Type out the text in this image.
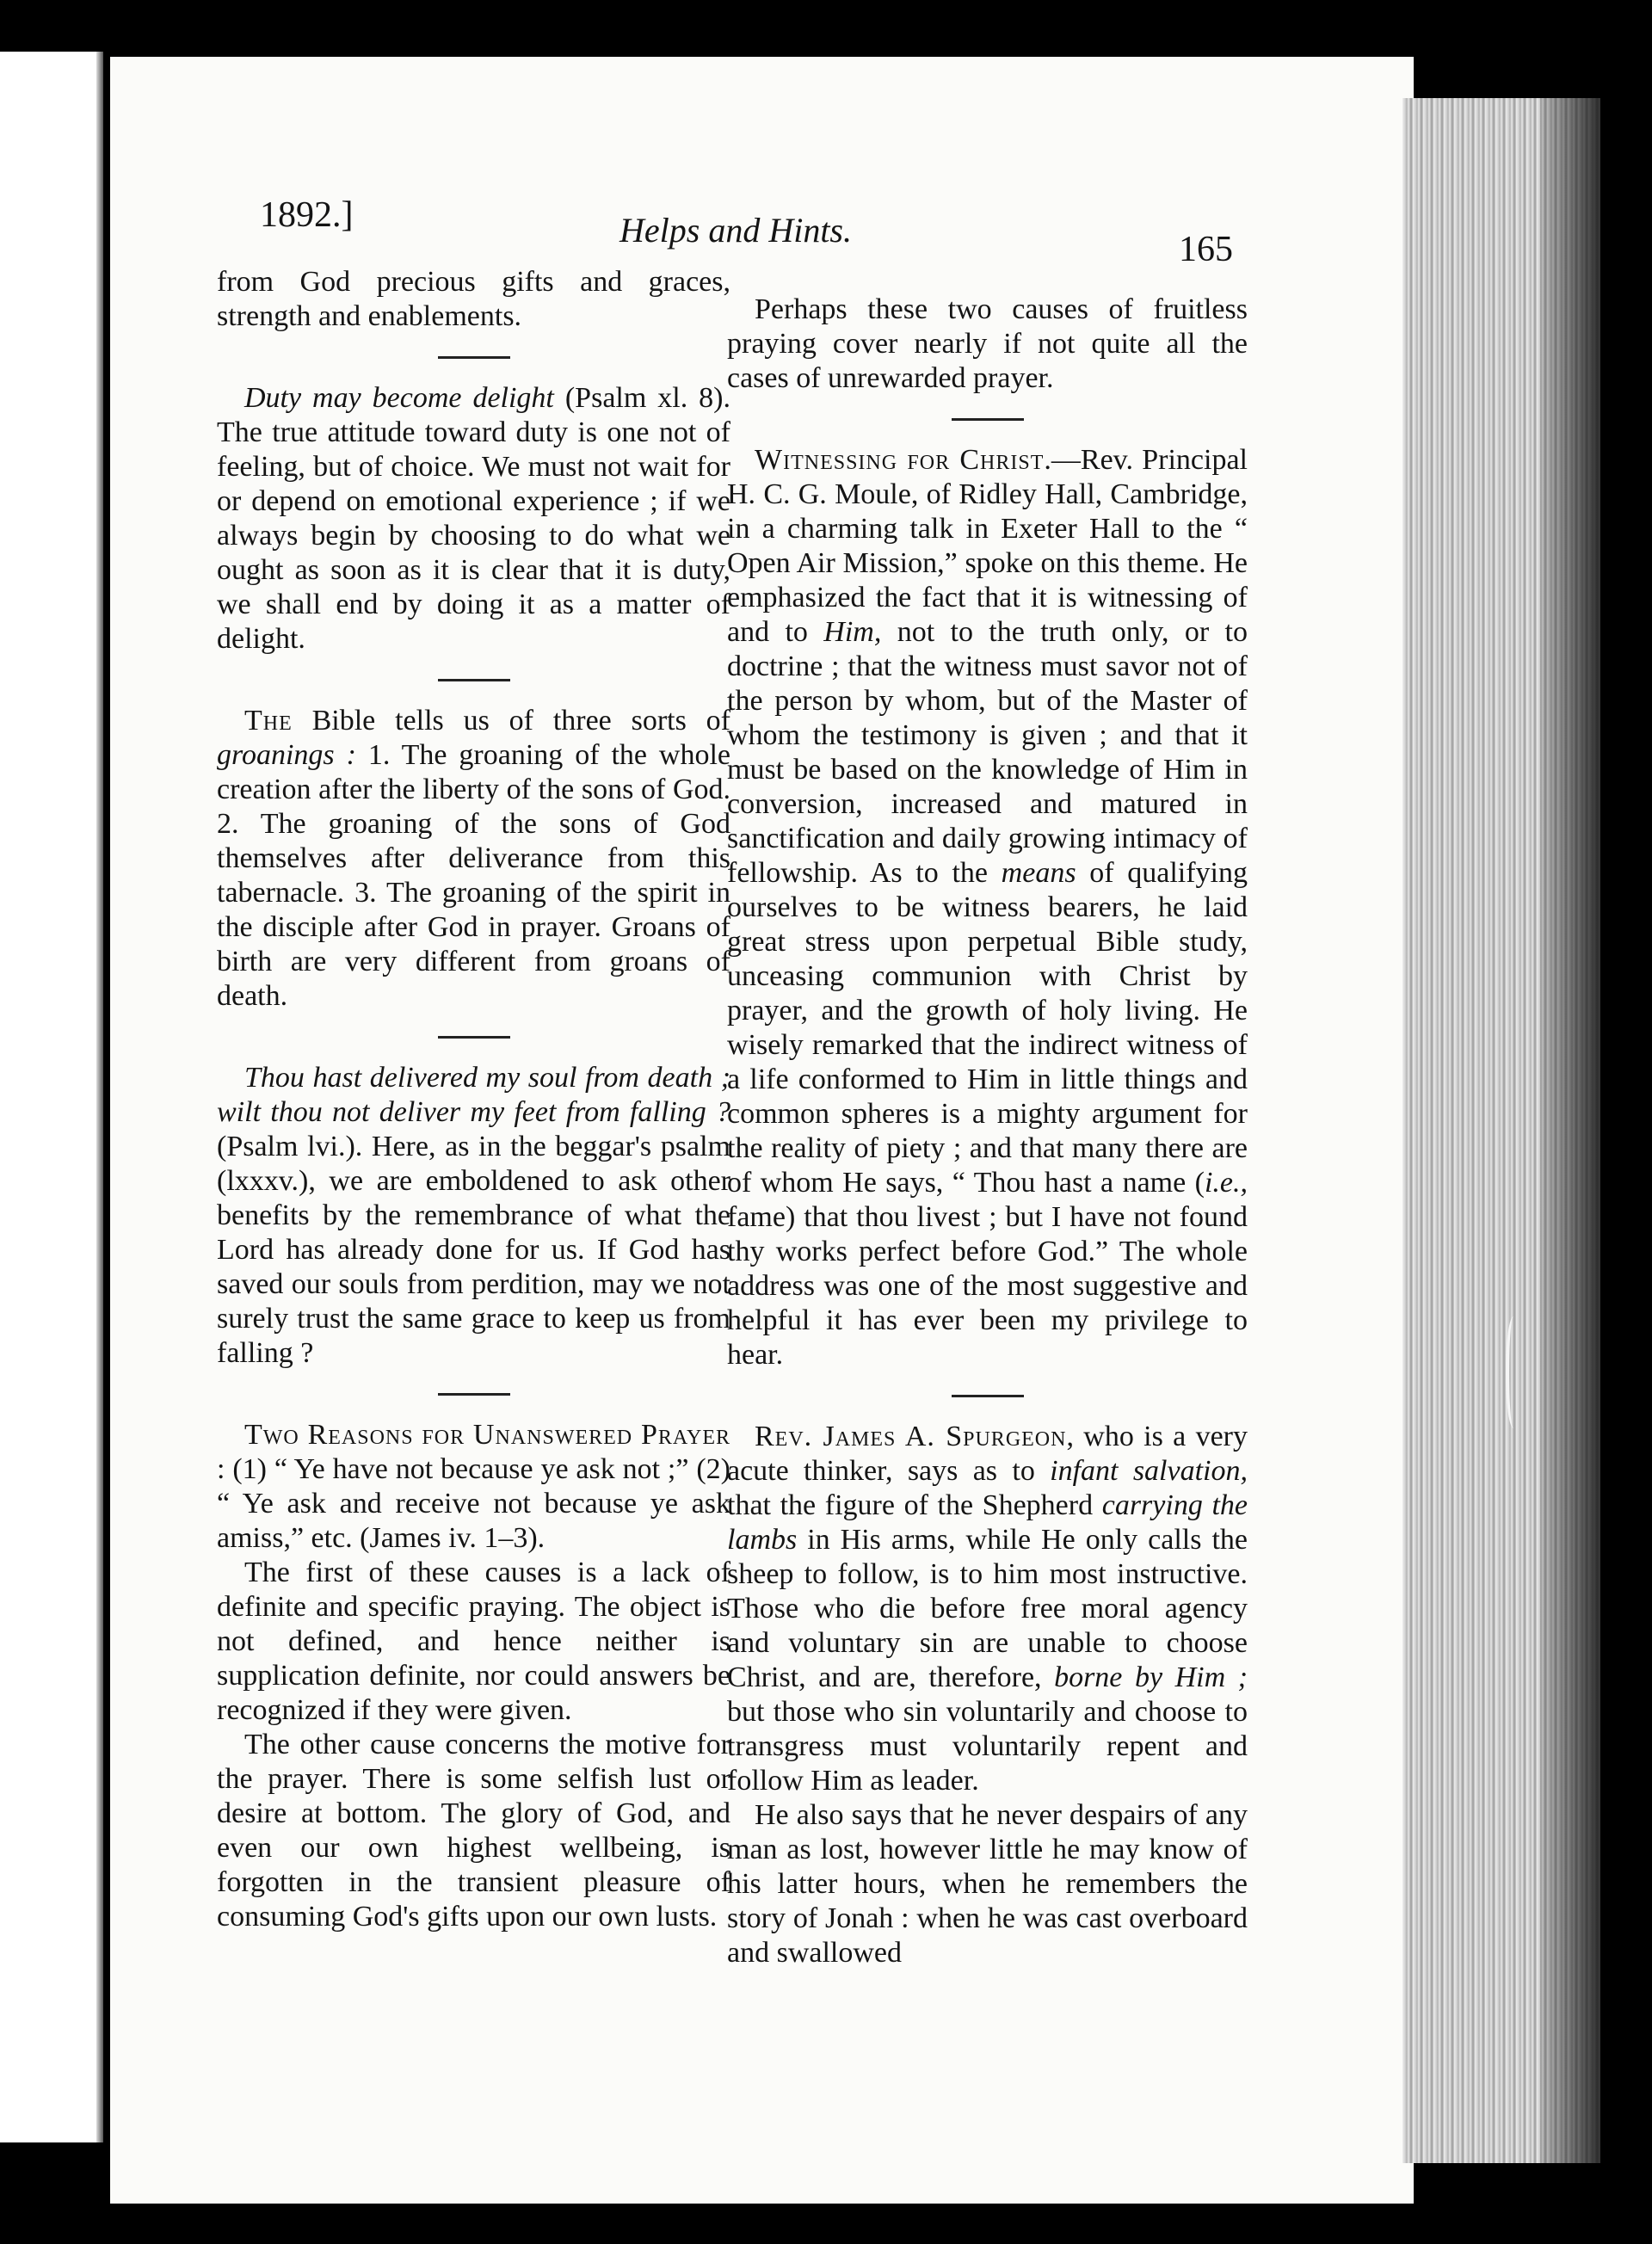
1892.]	Helps and Hints.	165

from God precious gifts and graces, strength and enablements.

Duty may become delight (Psalm xl. 8). The true attitude toward duty is one not of feeling, but of choice. We must not wait for or depend on emotional experience ; if we always begin by choosing to do what we ought as soon as it is clear that it is duty, we shall end by doing it as a matter of delight.

The Bible tells us of three sorts of groanings : 1. The groaning of the whole creation after the liberty of the sons of God. 2. The groaning of the sons of God themselves after deliverance from this tabernacle. 3. The groaning of the spirit in the disciple after God in prayer. Groans of birth are very different from groans of death.

Thou hast delivered my soul from death ; wilt thou not deliver my feet from falling ? (Psalm lvi.). Here, as in the beggar's psalm (lxxxv.), we are emboldened to ask other benefits by the remembrance of what the Lord has already done for us. If God has saved our souls from perdition, may we not surely trust the same grace to keep us from falling ?

Two Reasons for Unanswered Prayer : (1) “ Ye have not because ye ask not ;” (2) “ Ye ask and receive not because ye ask amiss,” etc. (James iv. 1–3).

The first of these causes is a lack of definite and specific praying. The object is not defined, and hence neither is supplication definite, nor could answers be recognized if they were given.

The other cause concerns the motive for the prayer. There is some selfish lust or desire at bottom. The glory of God, and even our own highest wellbeing, is forgotten in the transient pleasure of consuming God's gifts upon our own lusts.

Perhaps these two causes of fruitless praying cover nearly if not quite all the cases of unrewarded prayer.

Witnessing for Christ.—Rev. Principal H. C. G. Moule, of Ridley Hall, Cambridge, in a charming talk in Exeter Hall to the “ Open Air Mission,” spoke on this theme. He emphasized the fact that it is witnessing of and to Him, not to the truth only, or to doctrine ; that the witness must savor not of the person by whom, but of the Master of whom the testimony is given ; and that it must be based on the knowledge of Him in conversion, increased and matured in sanctification and daily growing intimacy of fellowship. As to the means of qualifying ourselves to be witness bearers, he laid great stress upon perpetual Bible study, unceasing communion with Christ by prayer, and the growth of holy living. He wisely remarked that the indirect witness of a life conformed to Him in little things and common spheres is a mighty argument for the reality of piety ; and that many there are of whom He says, “ Thou hast a name (i.e., fame) that thou livest ; but I have not found thy works perfect before God.” The whole address was one of the most suggestive and helpful it has ever been my privilege to hear.

Rev. James A. Spurgeon, who is a very acute thinker, says as to infant salvation, that the figure of the Shepherd carrying the lambs in His arms, while He only calls the sheep to follow, is to him most instructive. Those who die before free moral agency and voluntary sin are unable to choose Christ, and are, therefore, borne by Him ; but those who sin voluntarily and choose to transgress must voluntarily repent and follow Him as leader.

He also says that he never despairs of any man as lost, however little he may know of his latter hours, when he remembers the story of Jonah : when he was cast overboard and swallowed
